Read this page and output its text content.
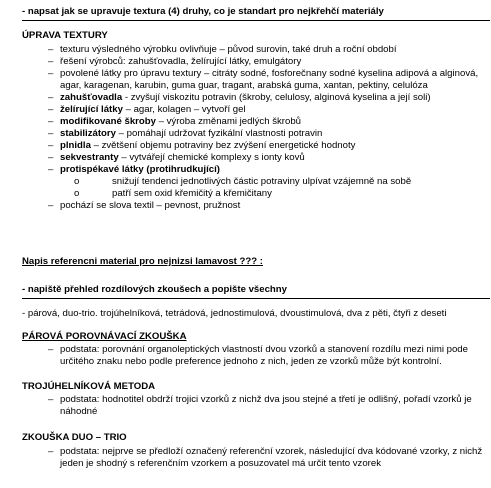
- napsat jak se upravuje textura (4) druhy, co je standart pro nejkřehčí materiály
ÚPRAVA TEXTURY
– texturu výsledného výrobku ovlivňuje – původ surovin, také druh a roční období
– řešení výrobců: zahušťovadla, želírující látky, emulgátory
– povolené látky pro úpravu textury – citráty sodné, fosforečnany sodné kyselina adipová a alginová, agar, karagenan, karubin, guma guar, tragant, arabská guma, xantan, pektiny, celulóza
– zahušťovadla - zvyšují viskozitu potravin (škroby, celulosy, alginová kyselina a její soli)
– želírující látky – agar, kolagen – vytvoří gel
– modifikované škroby – výroba změnami jedlých škrobů
– stabilizátory – pomáhají udržovat fyzikální vlastnosti potravin
– plnidla – zvětšení objemu potraviny bez zvýšení energetické hodnoty
– sekvestranty – vytvářejí chemické komplexy s ionty kovů
– protispékavé látky (protihrudkující)
o	snižují tendenci jednotlivých částic potraviny ulpívat vzájemně na sobě
o	patří sem oxid křemičitý a křemičitany
– pochází se slova textil – pevnost, pružnost
Napis referencni material pro nejnizsi lamavost ??? :
- napiště přehled rozdílových zkoušech a popište všechny
- párová, duo-trio. trojúhelníková, tetrádová, jednostimulová, dvoustimulová, dva z pěti, čtyři z deseti
PÁROVÁ POROVNÁVACÍ ZKOUŠKA
– podstata: porovnání organoleptických vlastností dvou vzorků a stanovení rozdílu mezi nimi pode určitého znaku nebo podle preference jednoho z nich, jeden ze vzorků může být kontrolní.
TROJÚHELNÍKOVÁ METODA
– podstata: hodnotitel obdrží trojici vzorků z nichž dva jsou stejné a třetí je odlišný, pořadí vzorků je náhodné
ZKOUŠKA DUO – TRIO
– podstata: nejprve se předloží označený referenční vzorek, následující dva kódované vzorky, z nichž jeden je shodný s referenčním vzorkem a posuzovatel má určit tento vzorek
